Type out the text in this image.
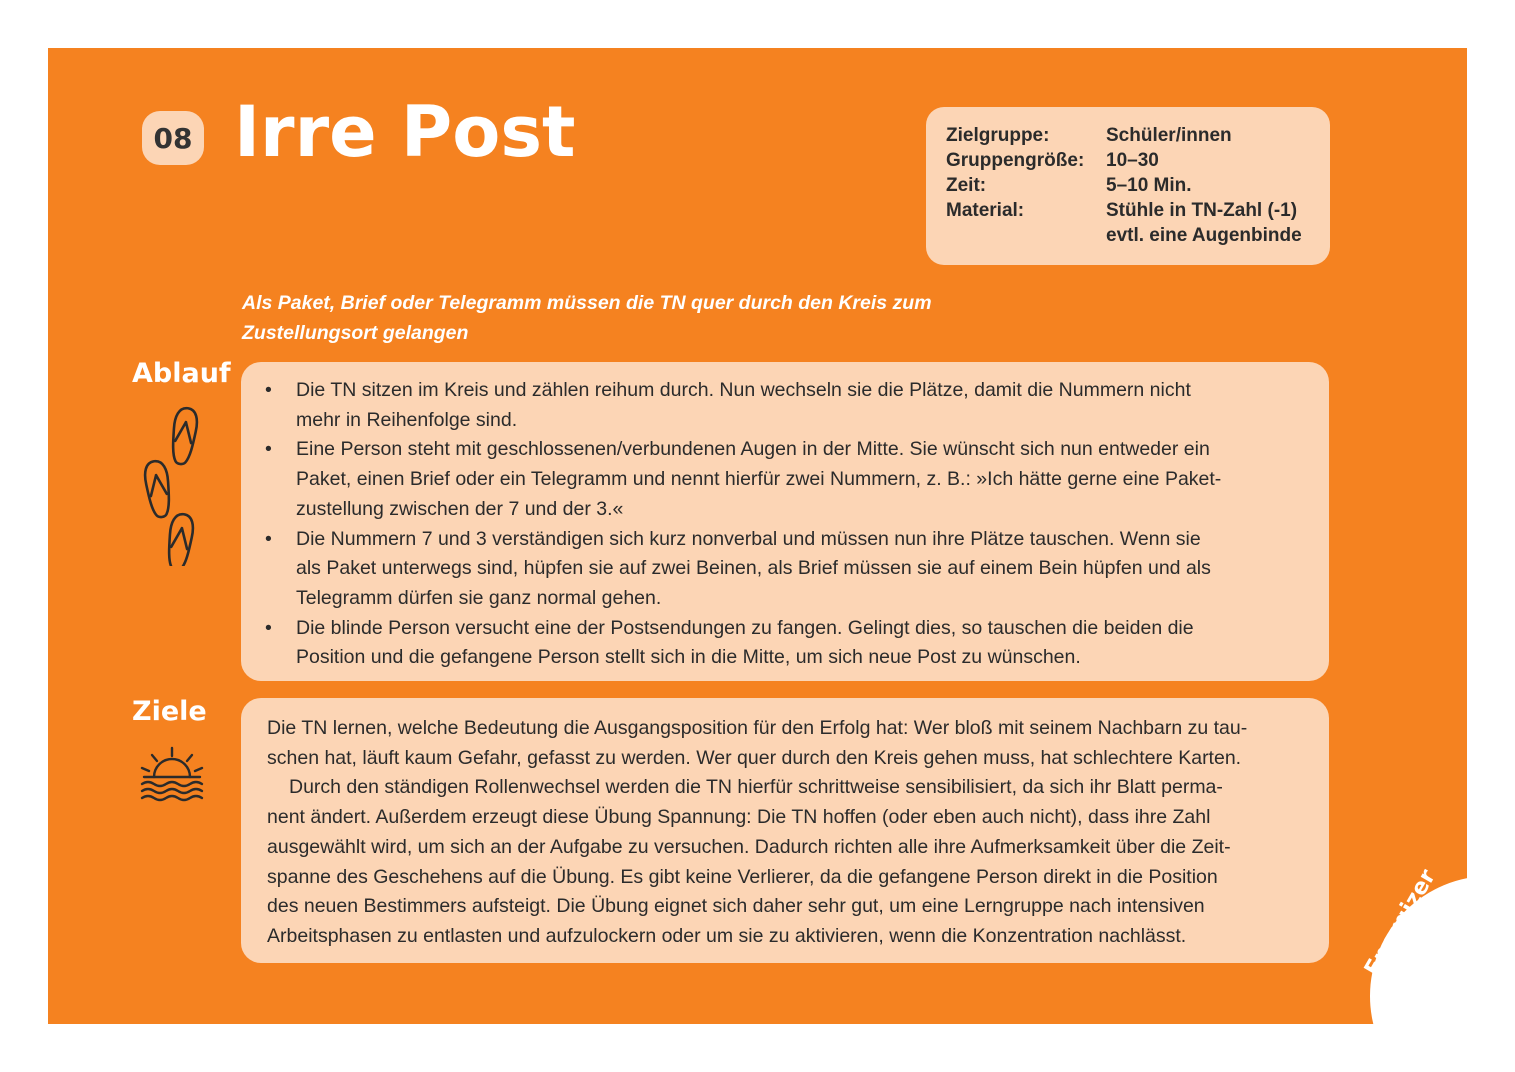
08 Irre Post	Zielgruppe:	Schüler/innen
Gruppengröße:	10–30
Zeit:	5–10 Min.
Material:	Stühle in TN-Zahl (-1)
evtl. eine Augenbinde
Als Paket, Brief oder Telegramm müssen die TN quer durch den Kreis zum
Zustellungsort gelangen
Ablauf
•	Die TN sitzen im Kreis und zählen reihum durch. Nun wechseln sie die Plätze, damit die Nummern nicht
mehr in Reihenfolge sind.
•	Eine Person steht mit geschlossenen/verbundenen Augen in der Mitte. Sie wünscht sich nun entweder ein
Paket, einen Brief oder ein Telegramm und nennt hierfür zwei Nummern, z. B.: »Ich hätte gerne eine Paket-
zustellung zwischen der 7 und der 3.«
•	Die Nummern 7 und 3 verständigen sich kurz nonverbal und müssen nun ihre Plätze tauschen. Wenn sie
als Paket unterwegs sind, hüpfen sie auf zwei Beinen, als Brief müssen sie auf einem Bein hüpfen und als
Telegramm dürfen sie ganz normal gehen.
•	Die blinde Person versucht eine der Postsendungen zu fangen. Gelingt dies, so tauschen die beiden die
Position und die gefangene Person stellt sich in die Mitte, um sich neue Post zu wünschen.
Ziele
Die TN lernen, welche Bedeutung die Ausgangsposition für den Erfolg hat: Wer bloß mit seinem Nachbarn zu tau-
schen hat, läuft kaum Gefahr, gefasst zu werden. Wer quer durch den Kreis gehen muss, hat schlechtere Karten.
Durch den ständigen Rollenwechsel werden die TN hierfür schrittweise sensibilisiert, da sich ihr Blatt perma-
nent ändert. Außerdem erzeugt diese Übung Spannung: Die TN hoffen (oder eben auch nicht), dass ihre Zahl
ausgewählt wird, um sich an der Aufgabe zu versuchen. Dadurch richten alle ihre Aufmerksamkeit über die Zeit-
spanne des Geschehens auf die Übung. Es gibt keine Verlierer, da die gefangene Person direkt in die Position
des neuen Bestimmers aufsteigt. Die Übung eignet sich daher sehr gut, um eine Lerngruppe nach intensiven
Arbeitsphasen zu entlasten und aufzulockern oder um sie zu aktivieren, wenn die Konzentration nachlässt.	Energizer
